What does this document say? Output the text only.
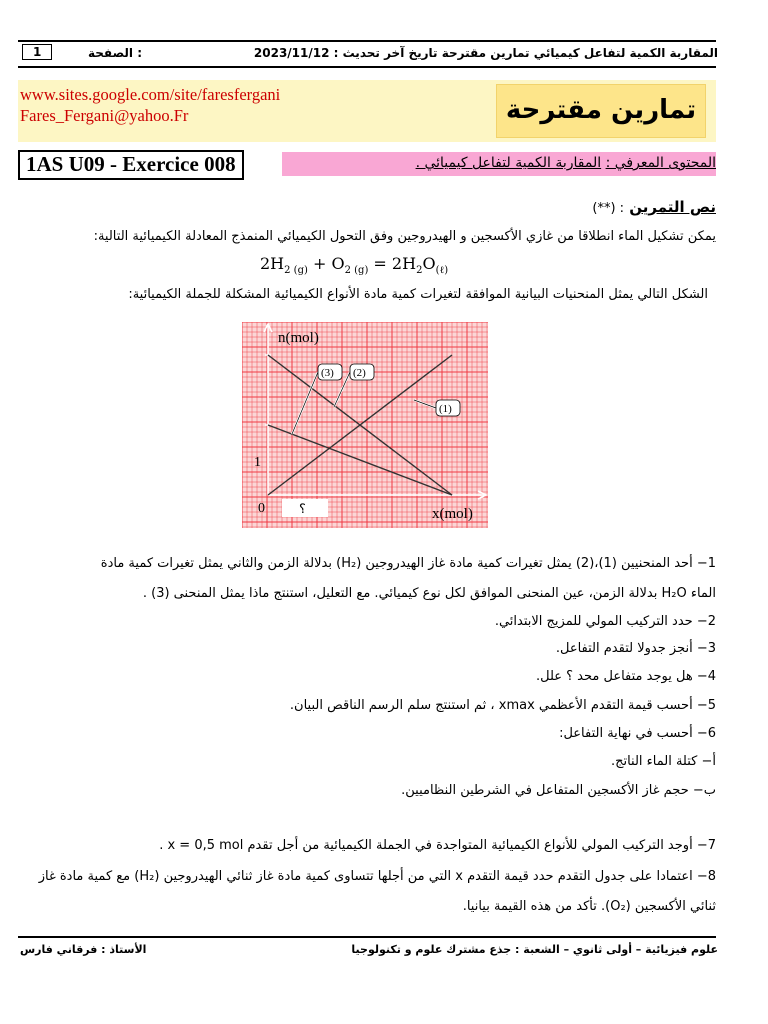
1	الصفحة :	المقاربة الكمية لتفاعل كيميائي تمارين مقترحة تاريخ آخر تحديث : 2023/11/12
www.sites.google.com/site/faresfergani
Fares_Fergani@yahoo.Fr	تمارين مقترحة
1AS U09 - Exercice 008	المحتوى المعرفي : المقاربة الكمية لتفاعل كيميائي .
نص التمرين : (**)
يمكن تشكيل الماء انطلاقا من غازي الأكسجين و الهيدروجين وفق التحول الكيميائي المنمذج المعادلة الكيميائية التالية:
$2H_{2 (g)} + O_{2 (g)} = 2H_2O_{(\ell)}$
الشكل التالي يمثل المنحنيات البيانية الموافقة لتغيرات كمية مادة الأنواع الكيميائية المشكلة للجملة الكيميائية:
n(mol)
x(mol)
0
1
؟
(1)
(2)
(3)
1− أحد المنحنيين (1)،(2) يمثل تغيرات كمية مادة غاز الهيدروجين (H₂) بدلالة الزمن والثاني يمثل تغيرات كمية مادة
الماء H₂O بدلالة الزمن، عين المنحنى الموافق لكل نوع كيميائي. مع التعليل، استنتج ماذا يمثل المنحنى (3) .
2− حدد التركيب المولي للمزيج الابتدائي.
3− أنجز جدولا لتقدم التفاعل.
4− هل يوجد متفاعل محد ؟ علل.
5− أحسب قيمة التقدم الأعظمي xmax ، ثم استنتج سلم الرسم الناقص البيان.
6− أحسب في نهاية التفاعل:
أ− كتلة الماء الناتج.
ب− حجم غاز الأكسجين المتفاعل في الشرطين النظاميين.
7− أوجد التركيب المولي للأنواع الكيميائية المتواجدة في الجملة الكيميائية من أجل تقدم x = 0,5 mol .
8− اعتمادا على جدول التقدم حدد قيمة التقدم x التي من أجلها تتساوى كمية مادة غاز ثنائي الهيدروجين (H₂) مع كمية مادة غاز ثنائي الأكسجين (O₂). تأكد من هذه القيمة بيانيا.
الأستاذ : فرقاني فارس	علوم فيزيائية – أولى ثانوي – الشعبة : جذع مشترك علوم و تكنولوجيا
